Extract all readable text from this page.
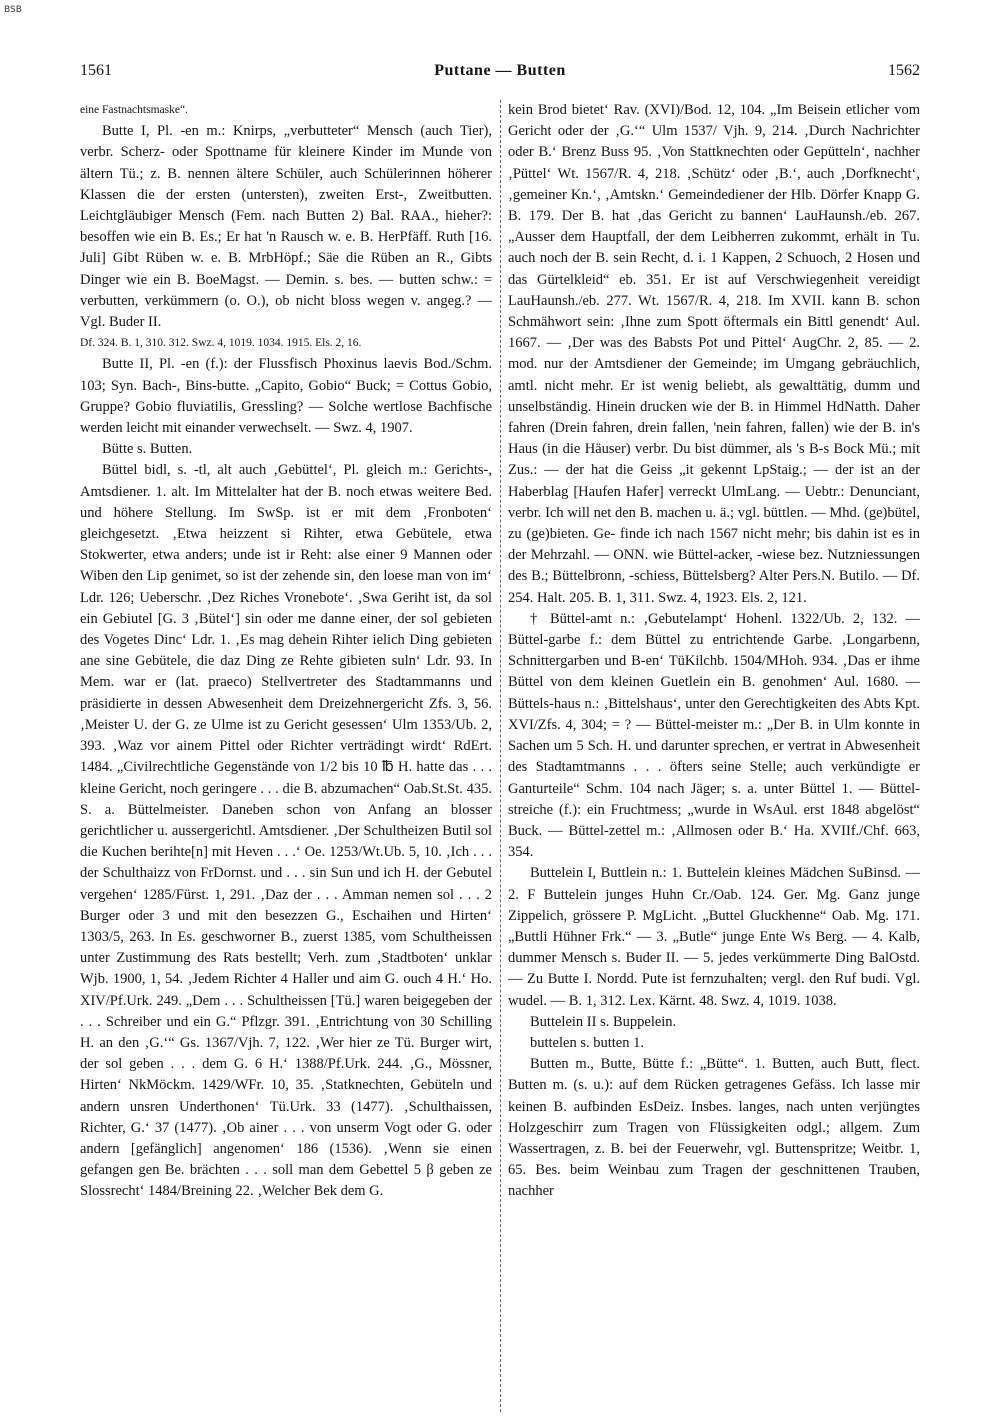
BSB
1561	Puttane — Butten	1562

eine Fastnachtsmaske“.

Butte I, Pl. -en m.: Knirps, „verbutteter“ Mensch (auch Tier), verbr. Scherz- oder Spottname für kleinere Kinder im Munde von ältern Tü.; z. B. nennen ältere Schüler, auch Schülerinnen höherer Klassen die der ersten (untersten), zweiten Erst-, Zweitbutten. Leichtgläubiger Mensch (Fem. nach Butten 2) Bal. RAA., hieher?: besoffen wie ein B. Es.; Er hat 'n Rausch w. e. B. HerPfäff. Ruth [16. Juli] Gibt Rüben w. e. B. MrbHöpf.; Säe die Rüben an R., Gibts Dinger wie ein B. BoeMagst. — Demin. s. bes. — butten schw.: = verbutten, verkümmern (o. O.), ob nicht bloss wegen v. angeg.? — Vgl. Buder II.

Df. 324. B. 1, 310. 312. Swz. 4, 1019. 1034. 1915. Els. 2, 16.

Butte II, Pl. -en (f.): der Flussfisch Phoxinus laevis Bod./Schm. 103; Syn. Bach-, Bins-butte. „Capito, Gobio“ Buck; = Cottus Gobio, Gruppe? Gobio fluviatilis, Gressling? — Solche wertlose Bachfische werden leicht mit einander verwechselt. — Swz. 4, 1907.

Bütte s. Butten.

Büttel bidl, s. -tl, alt auch ‚Gebüttel‘, Pl. gleich m.: Gerichts-, Amtsdiener. 1. alt. Im Mittelalter hat der B. noch etwas weitere Bed. und höhere Stellung. Im SwSp. ist er mit dem ‚Fronboten‘ gleichgesetzt. ‚Etwa heizzent si Rihter, etwa Gebütele, etwa Stokwerter, etwa anders; unde ist ir Reht: alse einer 9 Mannen oder Wiben den Lip genimet, so ist der zehende sin, den loese man von im‘ Ldr. 126; Ueberschr. ‚Dez Riches Vronebote‘. ‚Swa Geriht ist, da sol ein Gebiutel [G. 3 ‚Bütel‘] sin oder me danne einer, der sol gebieten des Vogetes Dinc‘ Ldr. 1. ‚Es mag dehein Rihter ielich Ding gebieten ane sine Gebütele, die daz Ding ze Rehte gibieten suln‘ Ldr. 93. In Mem. war er (lat. praeco) Stellvertreter des Stadtammanns und präsidierte in dessen Abwesenheit dem Dreizehnergericht Zfs. 3, 56. ‚Meister U. der G. ze Ulme ist zu Gericht gesessen‘ Ulm 1353/Ub. 2, 393. ‚Waz vor ainem Pittel oder Richter verträdingt wirdt‘ RdErt. 1484. „Civilrechtliche Gegenstände von 1/2 bis 10 ℔ H. hatte das . . . kleine Gericht, noch geringere . . . die B. abzumachen“ Oab.St.St. 435. S. a. Büttelmeister. Daneben schon von Anfang an blosser gerichtlicher u. aussergerichtl. Amtsdiener. ‚Der Schultheizen Butil sol die Kuchen berihte[n] mit Heven . . .‘ Oe. 1253/Wt.Ub. 5, 10. ‚Ich . . . der Schulthaizz von FrDornst. und . . . sin Sun und ich H. der Gebutel vergehen‘ 1285/Fürst. 1, 291. ‚Daz der . . . Amman nemen sol . . . 2 Burger oder 3 und mit den besezzen G., Eschaihen und Hirten‘ 1303/5, 263. In Es. geschworner B., zuerst 1385, vom Schultheissen unter Zustimmung des Rats bestellt; Verh. zum ‚Stadtboten‘ unklar Wjb. 1900, 1, 54. ‚Jedem Richter 4 Haller und aim G. ouch 4 H.‘ Ho. XIV/Pf.Urk. 249. „Dem . . . Schultheissen [Tü.] waren beigegeben der . . . Schreiber und ein G.“ Pflzgr. 391. ‚Entrichtung von 30 Schilling H. an den ‚G.‘“ Gs. 1367/Vjh. 7, 122. ‚Wer hier ze Tü. Burger wirt, der sol geben . . . dem G. 6 H.‘ 1388/Pf.Urk. 244. ‚G., Mössner, Hirten‘ NkMöckm. 1429/WFr. 10, 35. ‚Statknechten, Gebüteln und andern unsren Underthonen‘ Tü.Urk. 33 (1477). ‚Schulthaissen, Richter, G.‘ 37 (1477). ‚Ob ainer . . . von unserm Vogt oder G. oder andern [gefänglich] angenomen‘ 186 (1536). ‚Wenn sie einen gefangen gen Be. brächten . . . soll man dem Gebettel 5 β geben ze Slossrecht‘ 1484/Breining 22. ‚Welcher Bek dem G.

kein Brod bietet‘ Rav. (XVI)/Bod. 12, 104. „Im Beisein etlicher vom Gericht oder der ‚G.‘“ Ulm 1537/ Vjh. 9, 214. ‚Durch Nachrichter oder B.‘ Brenz Buss 95. ‚Von Stattknechten oder Gepütteln‘, nachher ‚Püttel‘ Wt. 1567/R. 4, 218. ‚Schütz‘ oder ‚B.‘, auch ‚Dorfknecht‘, ‚gemeiner Kn.‘, ‚Amtskn.‘ Gemeindediener der Hlb. Dörfer Knapp G. B. 179. Der B. hat ‚das Gericht zu bannen‘ LauHaunsh./eb. 267. „Ausser dem Hauptfall, der dem Leibherren zukommt, erhält in Tu. auch noch der B. sein Recht, d. i. 1 Kappen, 2 Schuoch, 2 Hosen und das Gürtelkleid“ eb. 351. Er ist auf Verschwiegenheit vereidigt LauHaunsh./eb. 277. Wt. 1567/R. 4, 218. Im XVII. kann B. schon Schmähwort sein: ‚Ihne zum Spott öftermals ein Bittl genendt‘ Aul. 1667. — ‚Der was des Babsts Pot und Pittel‘ AugChr. 2, 85. — 2. mod. nur der Amtsdiener der Gemeinde; im Umgang gebräuchlich, amtl. nicht mehr. Er ist wenig beliebt, als gewalttätig, dumm und unselbständig. Hinein drucken wie der B. in Himmel HdNatth. Daher fahren (Drein fahren, drein fallen, 'nein fahren, fallen) wie der B. in's Haus (in die Häuser) verbr. Du bist dümmer, als 's B-s Bock Mü.; mit Zus.: — der hat die Geiss „it gekennt LpStaig.; — der ist an der Haberblag [Haufen Hafer] verreckt UlmLang. — Uebtr.: Denunciant, verbr. Ich will net den B. machen u. ä.; vgl. büttlen. — Mhd. (ge)bütel, zu (ge)bieten. Ge- finde ich nach 1567 nicht mehr; bis dahin ist es in der Mehrzahl. — ONN. wie Büttel-acker, -wiese bez. Nutzniessungen des B.; Büttelbronn, -schiess, Büttelsberg? Alter Pers.N. Butilo. — Df. 254. Halt. 205. B. 1, 311. Swz. 4, 1923. Els. 2, 121.

† Büttel-amt n.: ‚Gebutelampt‘ Hohenl. 1322/Ub. 2, 132. — Büttel-garbe f.: dem Büttel zu entrichtende Garbe. ‚Longarbenn, Schnittergarben und B-en‘ TüKilchb. 1504/MHoh. 934. ‚Das er ihme Büttel von dem kleinen Guetlein ein B. genohmen‘ Aul. 1680. — Büttels-haus n.: ‚Bittelshaus‘, unter den Gerechtigkeiten des Abts Kpt. XVI/Zfs. 4, 304; = ? — Büttel-meister m.: „Der B. in Ulm konnte in Sachen um 5 Sch. H. und darunter sprechen, er vertrat in Abwesenheit des Stadtamtmanns . . . öfters seine Stelle; auch verkündigte er Ganturteile“ Schm. 104 nach Jäger; s. a. unter Büttel 1. — Büttel-streiche (f.): ein Fruchtmess; „wurde in WsAul. erst 1848 abgelöst“ Buck. — Büttel-zettel m.: ‚Allmosen oder B.‘ Ha. XVIIf./Chf. 663, 354.

Buttelein I, Buttlein n.: 1. Buttelein kleines Mädchen SuBinsd. — 2. F Buttelein junges Huhn Cr./Oab. 124. Ger. Mg. Ganz junge Zippelich, grössere P. MgLicht. „Buttel Gluckhenne“ Oab. Mg. 171. „Buttli Hühner Frk.“ — 3. „Butle“ junge Ente Ws Berg. — 4. Kalb, dummer Mensch s. Buder II. — 5. jedes verkümmerte Ding BalOstd. — Zu Butte I. Nordd. Pute ist fernzuhalten; vergl. den Ruf budi. Vgl. wudel. — B. 1, 312. Lex. Kärnt. 48. Swz. 4, 1019. 1038.

Buttelein II s. Buppelein.

buttelen s. butten 1.

Butten m., Butte, Bütte f.: „Bütte“. 1. Butten, auch Butt, flect. Butten m. (s. u.): auf dem Rücken getragenes Gefäss. Ich lasse mir keinen B. aufbinden EsDeiz. Insbes. langes, nach unten verjüngtes Holzgeschirr zum Tragen von Flüssigkeiten odgl.; allgem. Zum Wassertragen, z. B. bei der Feuerwehr, vgl. Buttenspritze; Weitbr. 1, 65. Bes. beim Weinbau zum Tragen der geschnittenen Trauben, nachher
